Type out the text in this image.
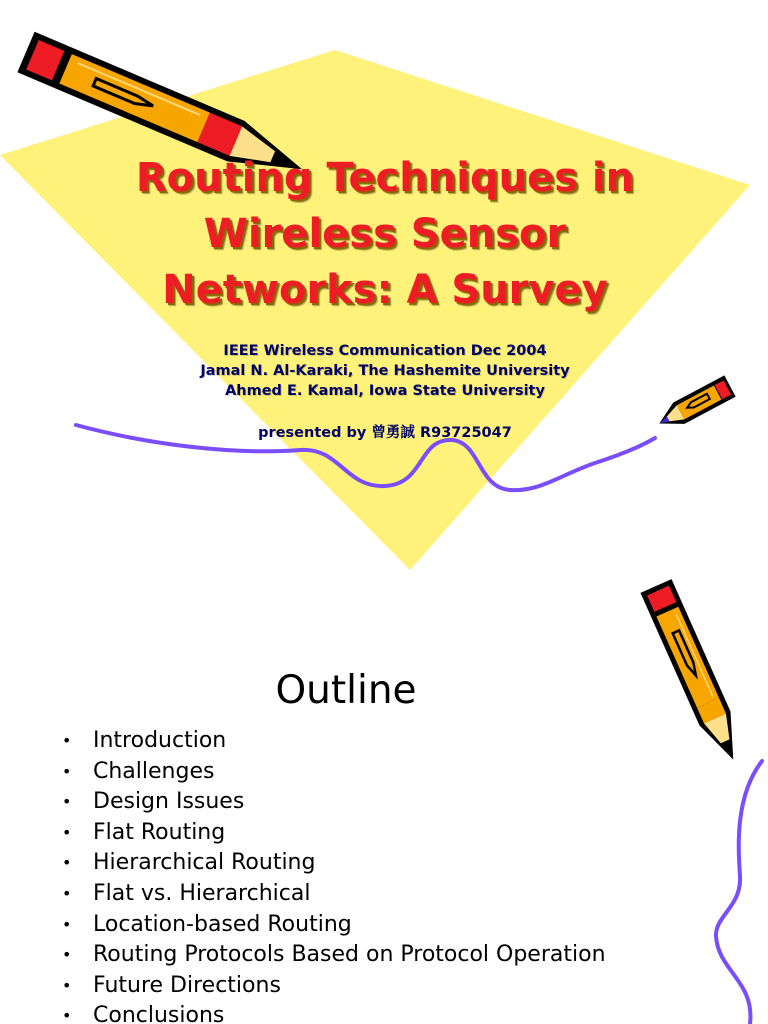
Routing Techniques in
Wireless Sensor
Networks: A Survey
IEEE Wireless Communication Dec 2004
Jamal N. Al-Karaki, The Hashemite University
Ahmed E. Kamal, Iowa State University
presented by 曾勇誠 R93725047
Outline
• Introduction
• Challenges
• Design Issues
• Flat Routing
• Hierarchical Routing
• Flat vs. Hierarchical
• Location-based Routing
• Routing Protocols Based on Protocol Operation
• Future Directions
• Conclusions
